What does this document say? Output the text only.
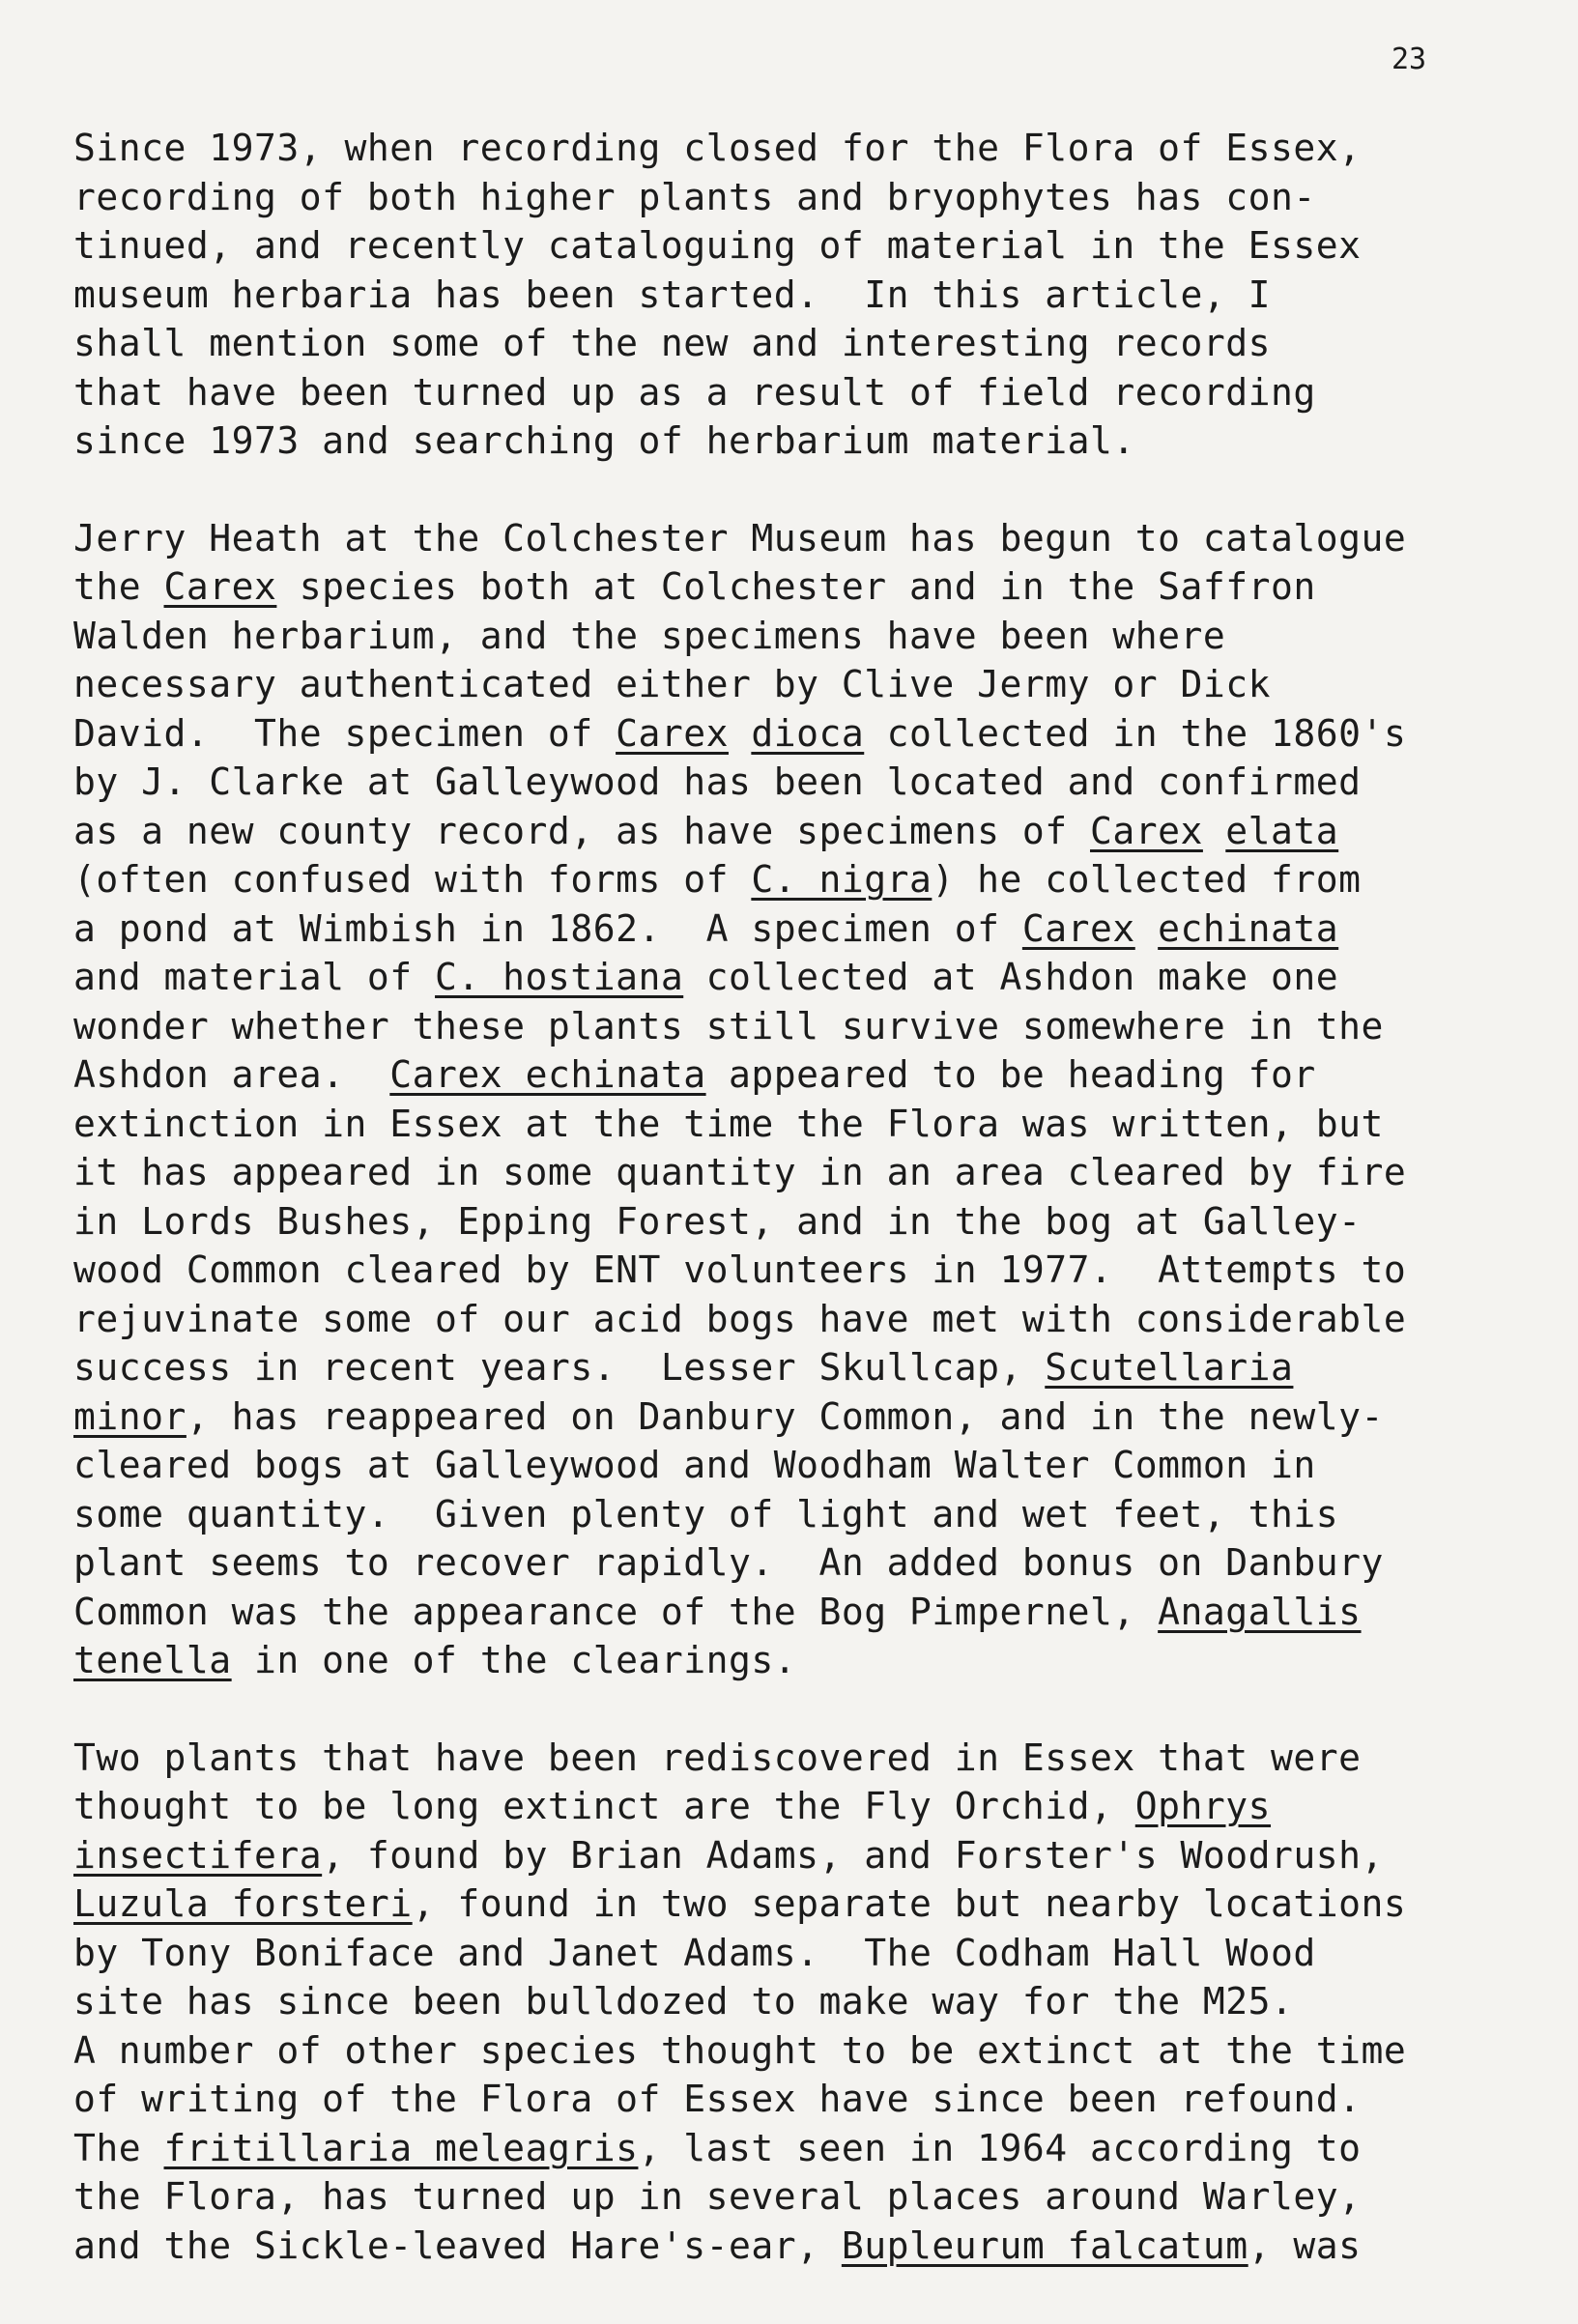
23
Since 1973, when recording closed for the Flora of Essex,
recording of both higher plants and bryophytes has con-
tinued, and recently cataloguing of material in the Essex
museum herbaria has been started.  In this article, I
shall mention some of the new and interesting records
that have been turned up as a result of field recording
since 1973 and searching of herbarium material.
Jerry Heath at the Colchester Museum has begun to catalogue
the Carex species both at Colchester and in the Saffron
Walden herbarium, and the specimens have been where
necessary authenticated either by Clive Jermy or Dick
David.  The specimen of Carex dioca collected in the 1860's
by J. Clarke at Galleywood has been located and confirmed
as a new county record, as have specimens of Carex elata
(often confused with forms of C. nigra) he collected from
a pond at Wimbish in 1862.  A specimen of Carex echinata
and material of C. hostiana collected at Ashdon make one
wonder whether these plants still survive somewhere in the
Ashdon area.  Carex echinata appeared to be heading for
extinction in Essex at the time the Flora was written, but
it has appeared in some quantity in an area cleared by fire
in Lords Bushes, Epping Forest, and in the bog at Galley-
wood Common cleared by ENT volunteers in 1977.  Attempts to
rejuvinate some of our acid bogs have met with considerable
success in recent years.  Lesser Skullcap, Scutellaria
minor, has reappeared on Danbury Common, and in the newly-
cleared bogs at Galleywood and Woodham Walter Common in
some quantity.  Given plenty of light and wet feet, this
plant seems to recover rapidly.  An added bonus on Danbury
Common was the appearance of the Bog Pimpernel, Anagallis
tenella in one of the clearings.
Two plants that have been rediscovered in Essex that were
thought to be long extinct are the Fly Orchid, Ophrys
insectifera, found by Brian Adams, and Forster's Woodrush,
Luzula forsteri, found in two separate but nearby locations
by Tony Boniface and Janet Adams.  The Codham Hall Wood
site has since been bulldozed to make way for the M25.
A number of other species thought to be extinct at the time
of writing of the Flora of Essex have since been refound.
The fritillaria meleagris, last seen in 1964 according to
the Flora, has turned up in several places around Warley,
and the Sickle-leaved Hare's-ear, Bupleurum falcatum, was
